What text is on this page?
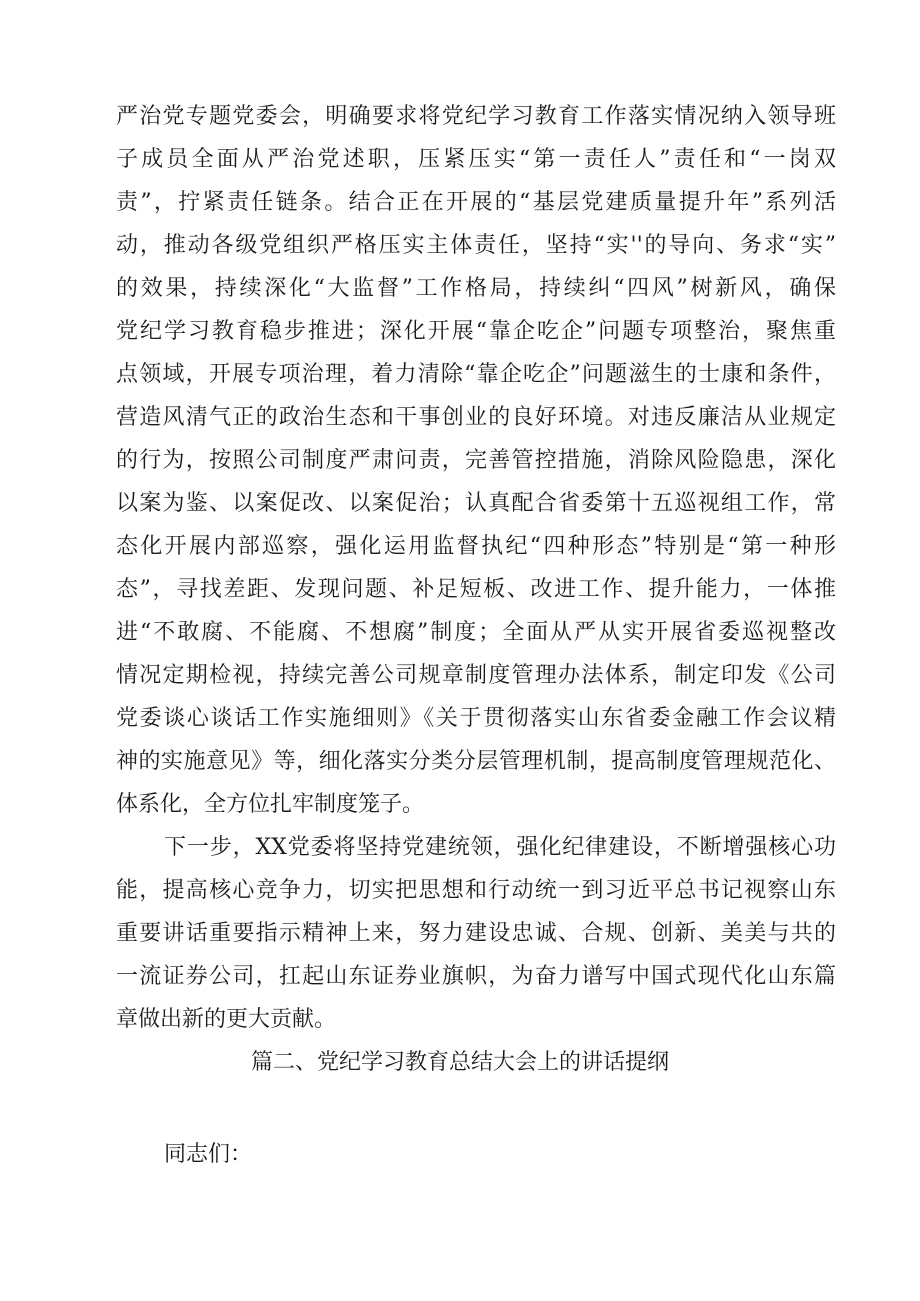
严治党专题党委会，明确要求将党纪学习教育工作落实情况纳入领导班
子成员全面从严治党述职，压紧压实“第一责任人”责任和“一岗双
责”，拧紧责任链条。结合正在开展的“基层党建质量提升年”系列活
动，推动各级党组织严格压实主体责任，坚持“实''的导向、务求“实”
的效果，持续深化“大监督”工作格局，持续纠“四风”树新风，确保
党纪学习教育稳步推进；深化开展“靠企吃企”问题专项整治，聚焦重
点领域，开展专项治理，着力清除“靠企吃企”问题滋生的士康和条件，
营造风清气正的政治生态和干事创业的良好环境。对违反廉洁从业规定
的行为，按照公司制度严肃问责，完善管控措施，消除风险隐患，深化
以案为鉴、以案促改、以案促治；认真配合省委第十五巡视组工作，常
态化开展内部巡察，强化运用监督执纪“四种形态”特别是“第一种形
态”，寻找差距、发现问题、补足短板、改进工作、提升能力，一体推
进“不敢腐、不能腐、不想腐”制度；全面从严从实开展省委巡视整改
情况定期检视，持续完善公司规章制度管理办法体系，制定印发《公司
党委谈心谈话工作实施细则》《关于贯彻落实山东省委金融工作会议精
神的实施意见》等，细化落实分类分层管理机制，提高制度管理规范化、
体系化，全方位扎牢制度笼子。
下一步，XX党委将坚持党建统领，强化纪律建设，不断增强核心功
能，提高核心竞争力，切实把思想和行动统一到习近平总书记视察山东
重要讲话重要指示精神上来，努力建设忠诚、合规、创新、美美与共的
一流证券公司，扛起山东证券业旗帜，为奋力谱写中国式现代化山东篇
章做出新的更大贡献。
篇二、党纪学习教育总结大会上的讲话提纲
同志们：
